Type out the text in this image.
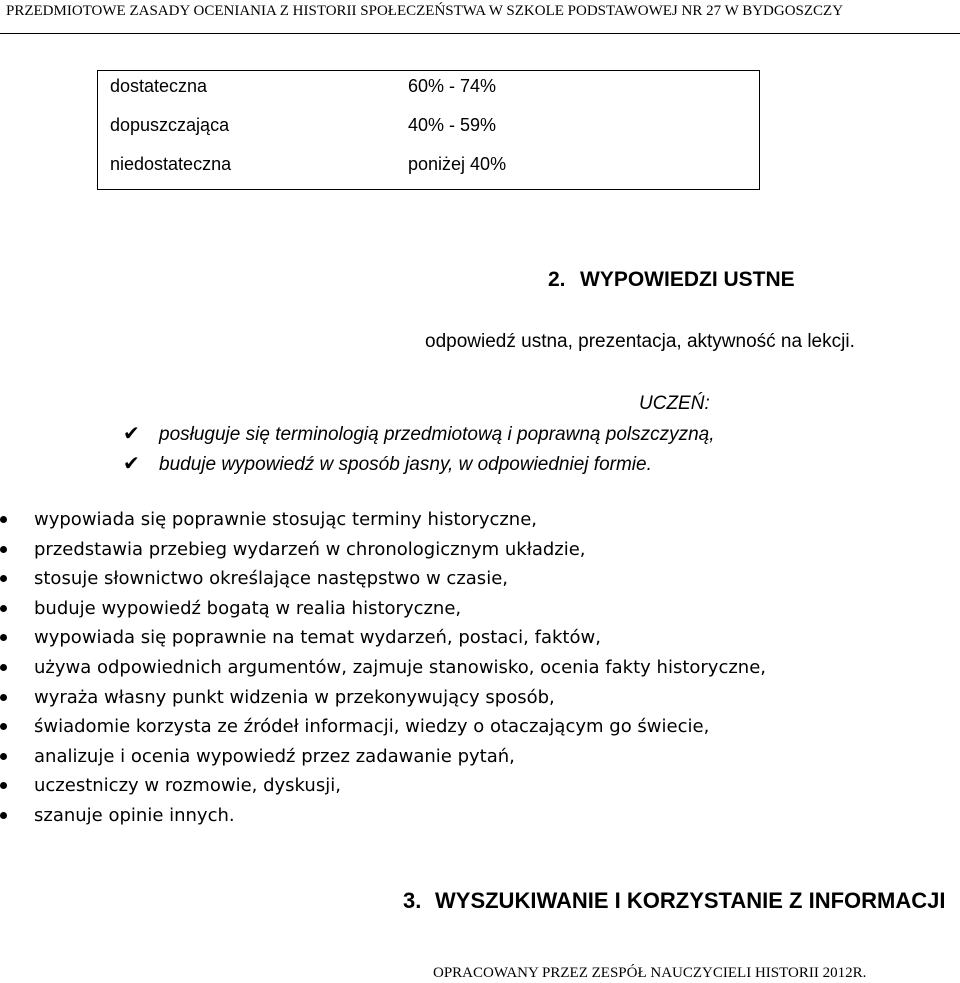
PRZEDMIOTOWE ZASADY OCENIANIA Z HISTORII SPOŁECZEŃSTWA W SZKOLE PODSTAWOWEJ NR 27 W BYDGOSZCZY
dostateczna	60% - 74%
dopuszczająca	40% - 59%
niedostateczna	poniżej 40%
2. WYPOWIEDZI USTNE
odpowiedź ustna, prezentacja, aktywność na lekcji.
UCZEŃ:
✔ posługuje się terminologią przedmiotową i poprawną polszczyzną,
✔ buduje wypowiedź w sposób jasny, w odpowiedniej formie.
wypowiada się poprawnie stosując terminy historyczne,
przedstawia przebieg wydarzeń w chronologicznym układzie,
stosuje słownictwo określające następstwo w czasie,
buduje wypowiedź bogatą w realia historyczne,
wypowiada się poprawnie na temat wydarzeń, postaci, faktów,
używa odpowiednich argumentów, zajmuje stanowisko, ocenia fakty historyczne,
wyraża własny punkt widzenia w przekonywujący sposób,
świadomie korzysta ze źródeł informacji, wiedzy o otaczającym go świecie,
analizuje i ocenia wypowiedź przez zadawanie pytań,
uczestniczy w rozmowie, dyskusji,
szanuje opinie innych.
3. WYSZUKIWANIE I KORZYSTANIE Z INFORMACJI
OPRACOWANY PRZEZ ZESPÓŁ NAUCZYCIELI HISTORII 2012R.
